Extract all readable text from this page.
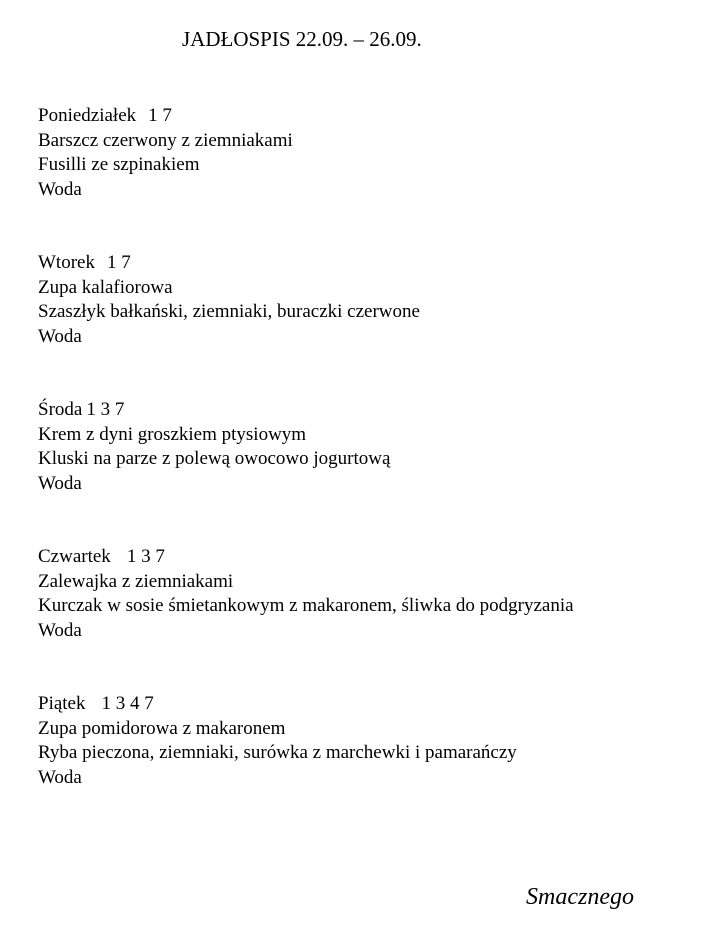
JADŁOSPIS 22.09. – 26.09.
Poniedziałek 1 7
Barszcz czerwony z ziemniakami
Fusilli ze szpinakiem
Woda
Wtorek 1 7
Zupa kalafiorowa
Szaszłyk bałkański, ziemniaki, buraczki czerwone
Woda
Środa 1 3 7
Krem z dyni groszkiem ptysiowym
Kluski na parze z polewą owocowo jogurtową
Woda
Czwartek 1 3 7
Zalewajka z ziemniakami
Kurczak w sosie śmietankowym z makaronem, śliwka do podgryzania
Woda
Piątek 1 3 4 7
Zupa pomidorowa z makaronem
Ryba pieczona, ziemniaki, surówka z marchewki i pamarańczy
Woda
Smacznego
